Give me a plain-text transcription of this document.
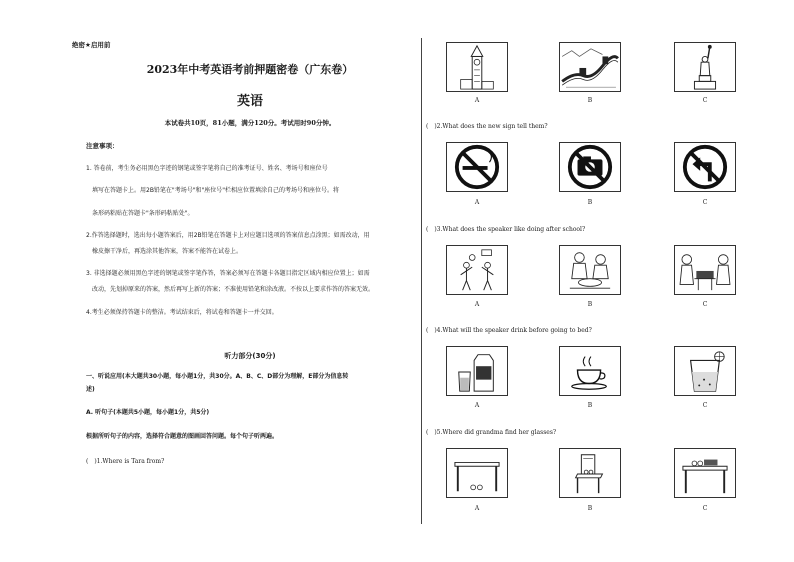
绝密★启用前
2023年中考英语考前押题密卷（广东卷）
英语
本试卷共10页，81小题，满分120分。考试用时90分钟。
注意事项：
1. 答卷前，考生务必用黑色字迹的钢笔或签字笔将自己的准考证号、姓名、考场号和座位号
填写在答题卡上。用2B铅笔在"考场号"和"座位号"栏相应位置填涂自己的考场号和座位号。将
条形码粘贴在答题卡"条形码粘贴处"。
2.作答选择题时，选出每小题答案后，用2B铅笔在答题卡上对应题目选项的答案信息点涂黑；如需改动，用
橡皮擦干净后，再选涂其他答案，答案不能答在试卷上。
3. 非选择题必须用黑色字迹的钢笔或签字笔作答，答案必须写在答题卡各题目指定区域内相应位置上；如需
改动，先划掉原来的答案，然后再写上新的答案；不准使用铅笔和涂改液。不按以上要求作答的答案无效。
4.考生必须保持答题卡的整洁。考试结束后，将试卷和答题卡一并交回。
听力部分(30分)
一、听说应用(本大题共30小题，每小题1分，共30分。A、B、C、D部分为理解，E部分为信息转
述)
A. 听句子(本题共5小题，每小题1分，共5分)
根据所听句子的内容，选择符合题意的图画回答问题。每个句子听两遍。
(　)1.Where is Tara from?
A	B	C
(　)2.What does the new sign tell them?
A	B	C
(　)3.What does the speaker like doing after school?
A	B	C
(　)4.What will the speaker drink before going to bed?
A	B	C
(　)5.Where did grandma find her glasses?
A	B	C
